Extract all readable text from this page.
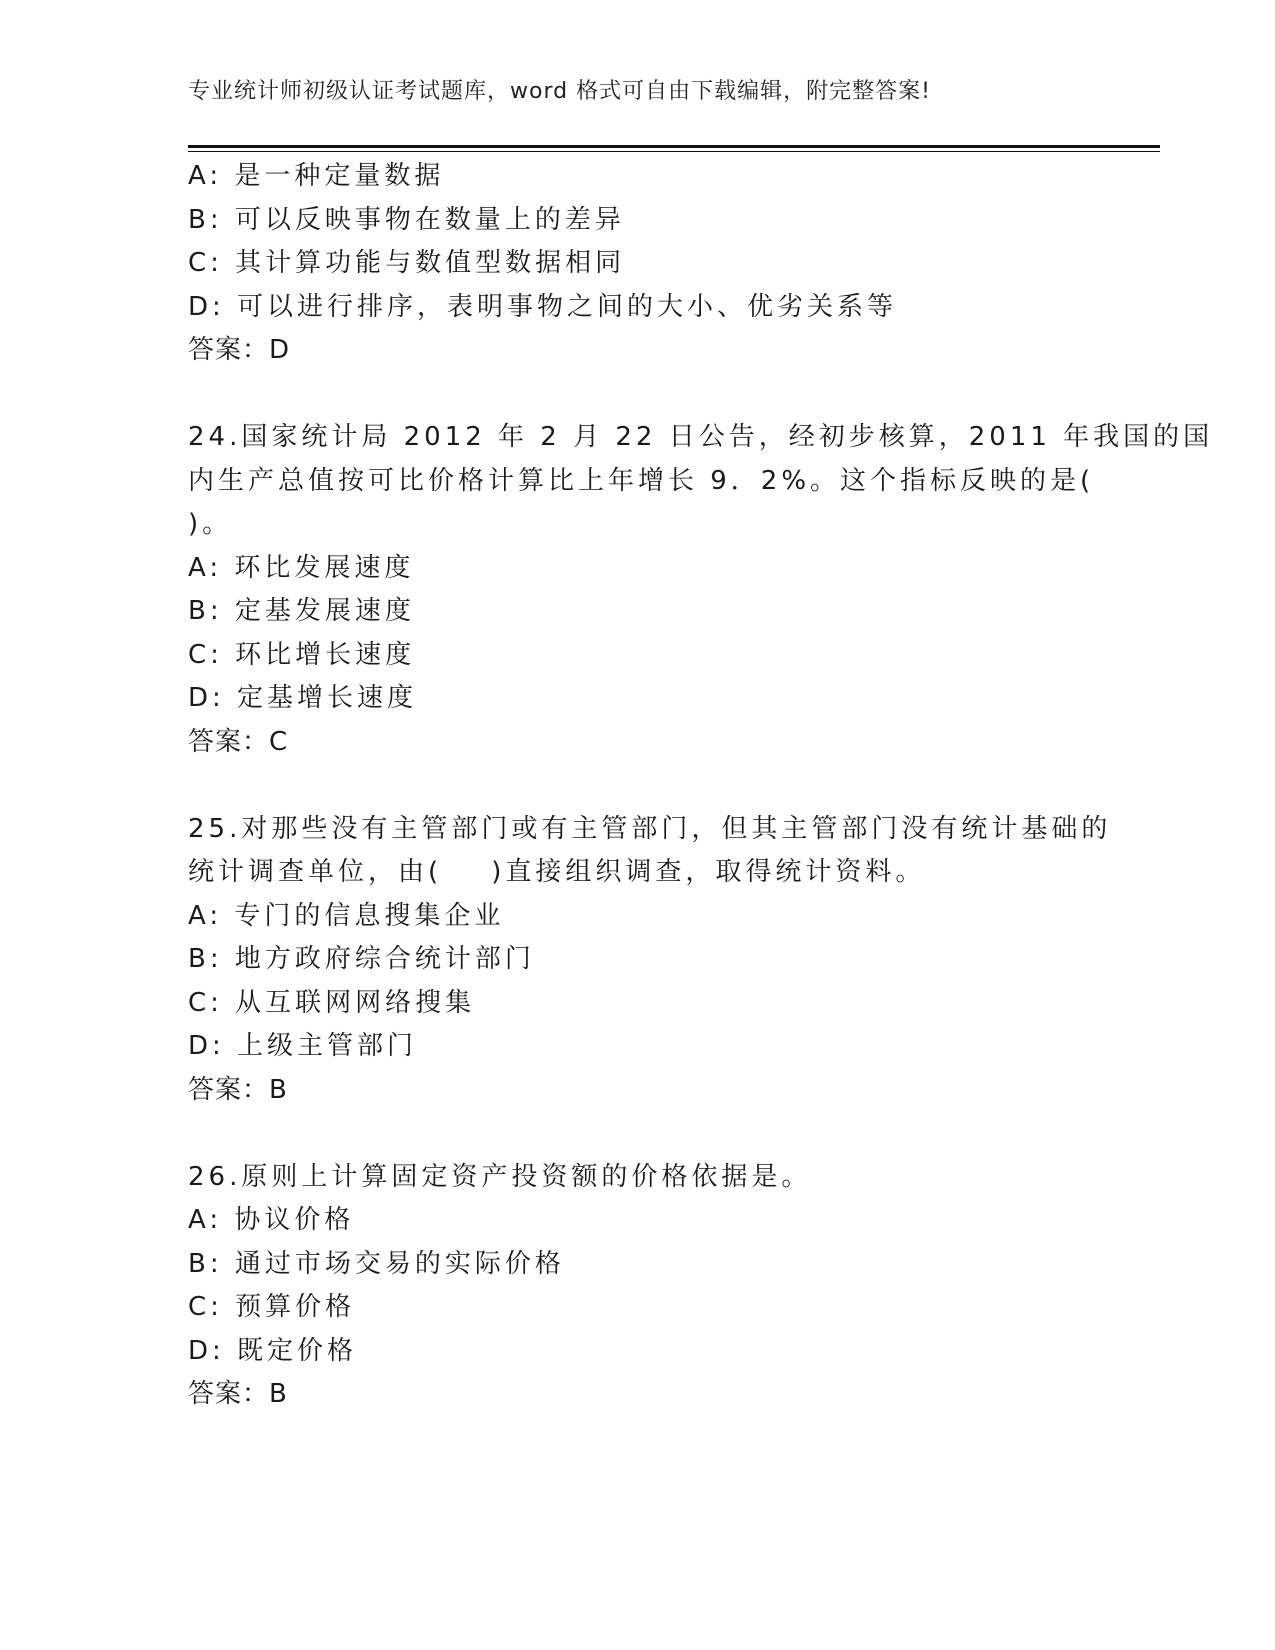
专业统计师初级认证考试题库，word 格式可自由下载编辑，附完整答案!
A: 是一种定量数据
B: 可以反映事物在数量上的差异
C: 其计算功能与数值型数据相同
D: 可以进行排序，表明事物之间的大小、优劣关系等
答案：D
24.国家统计局 2012 年 2 月 22 日公告，经初步核算，2011 年我国的国
内生产总值按可比价格计算比上年增长 9．2%。这个指标反映的是(
)。
A: 环比发展速度
B: 定基发展速度
C: 环比增长速度
D: 定基增长速度
答案：C
25.对那些没有主管部门或有主管部门，但其主管部门没有统计基础的
统计调查单位，由(    )直接组织调查，取得统计资料。
A: 专门的信息搜集企业
B: 地方政府综合统计部门
C: 从互联网网络搜集
D: 上级主管部门
答案：B
26.原则上计算固定资产投资额的价格依据是。
A: 协议价格
B: 通过市场交易的实际价格
C: 预算价格
D: 既定价格
答案：B
